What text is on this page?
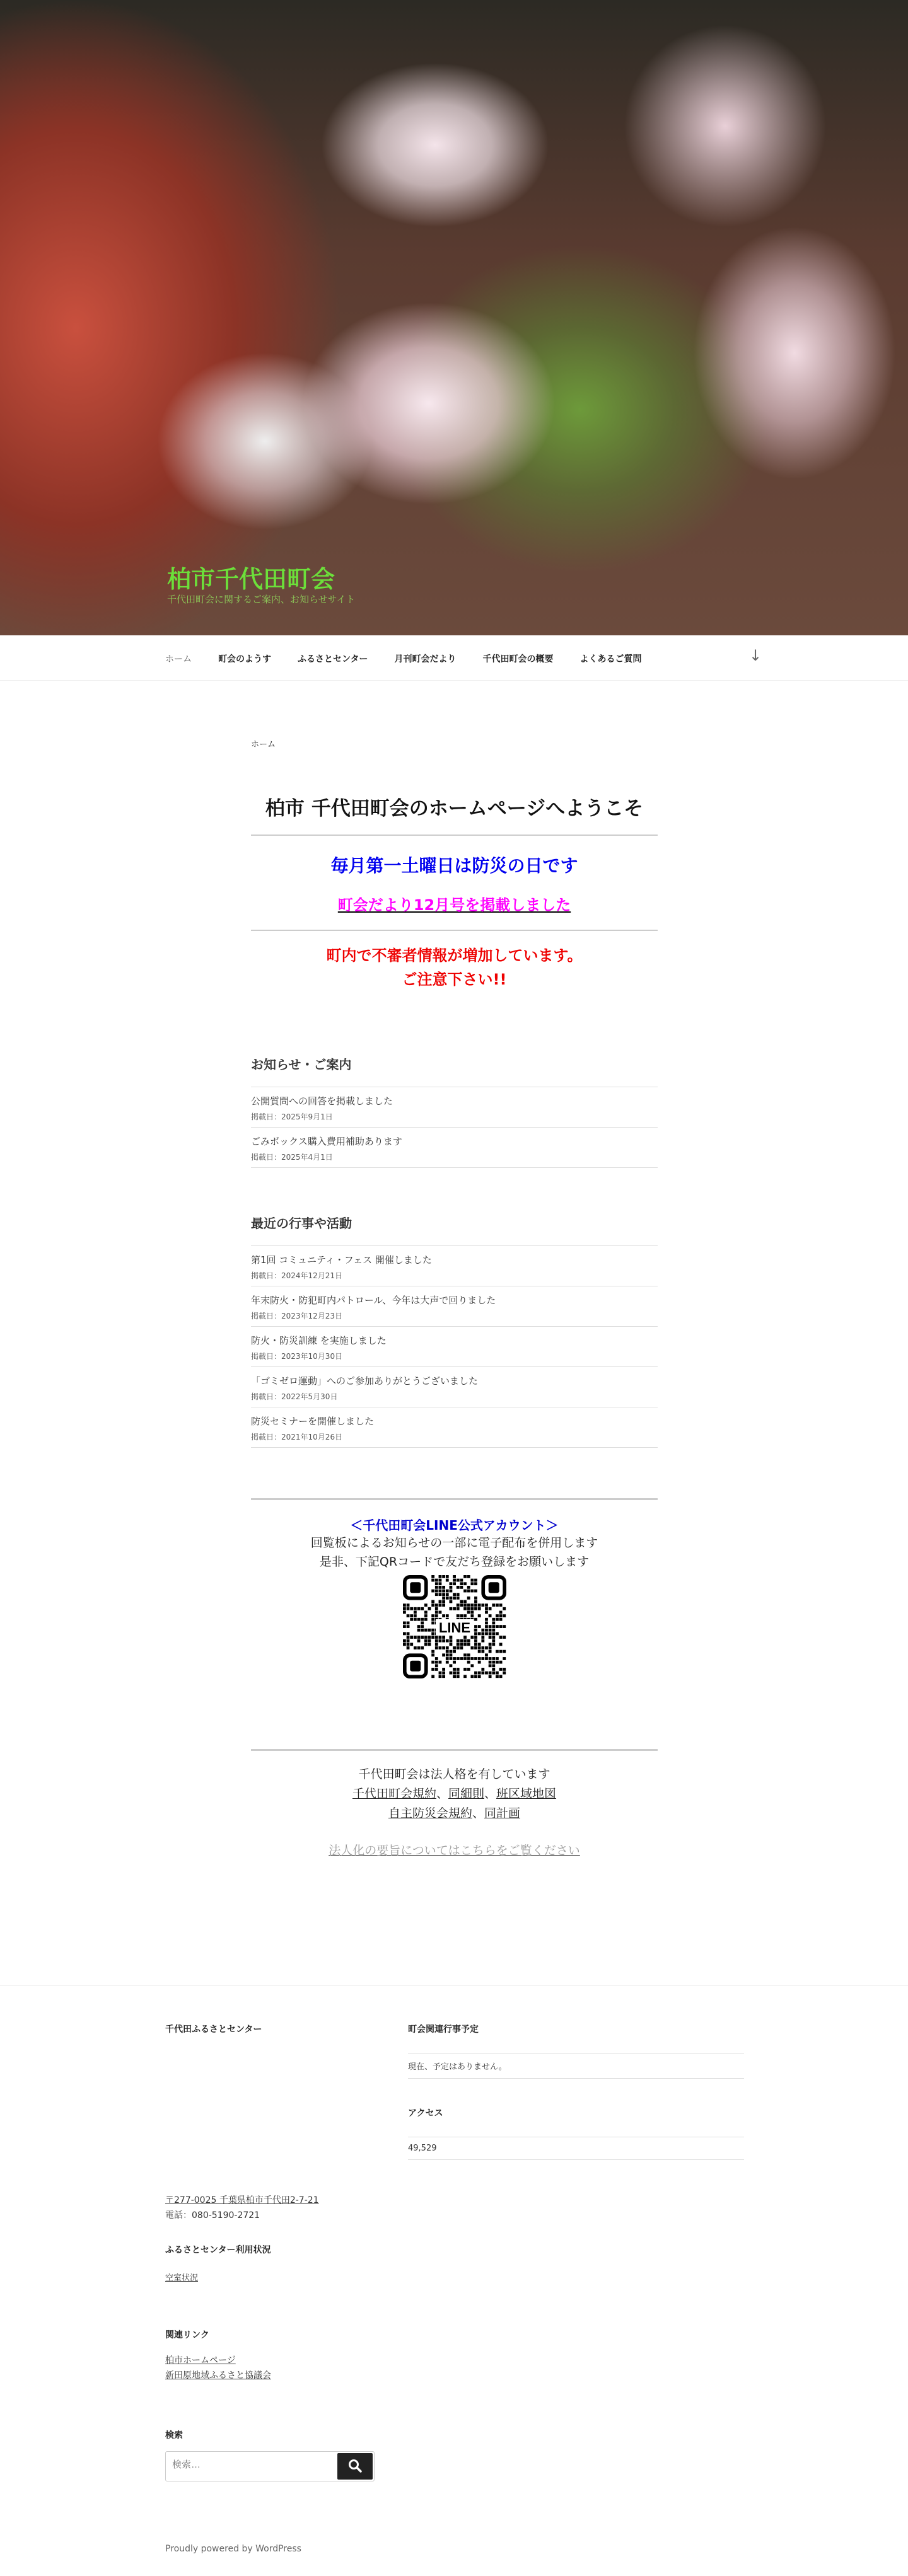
柏市千代田町会
千代田町会に関するご案内、お知らせサイト
ホーム	町会のようす	ふるさとセンター	月刊町会だより	千代田町会の概要	よくあるご質問	↓
ホーム
柏市 千代田町会のホームページへようこそ
毎月第一土曜日は防災の日です
町会だより12月号を掲載しました
町内で不審者情報が増加しています。
ご注意下さい!!
お知らせ・ご案内
公開質問への回答を掲載しました
掲載日：2025年9月1日
ごみボックス購入費用補助あります
掲載日：2025年4月1日
最近の行事や活動
第1回 コミュニティ・フェス 開催しました
掲載日：2024年12月21日
年末防火・防犯町内パトロール、今年は大声で回りました
掲載日：2023年12月23日
防火・防災訓練 を実施しました
掲載日：2023年10月30日
「ゴミゼロ運動」へのご参加ありがとうございました
掲載日：2022年5月30日
防災セミナーを開催しました
掲載日：2021年10月26日
＜千代田町会LINE公式アカウント＞

回覧板によるお知らせの一部に電子配布を併用します

是非、下記QRコードで友だち登録をお願いします

LINE
千代田町会は法人格を有しています
千代田町会規約、同細則、班区域地図
自主防災会規約、同計画
法人化の要旨についてはこちらをご覧ください
千代田ふるさとセンター	町会関連行事予定
現在、予定はありません。
アクセス
49,529
〒277-0025 千葉県柏市千代田2-7-21
電話：080-5190-2721
ふるさとセンター利用状況
空室状況
関連リンク
柏市ホームページ
新田原地域ふるさと協議会
検索
検索…
Proudly powered by WordPress
